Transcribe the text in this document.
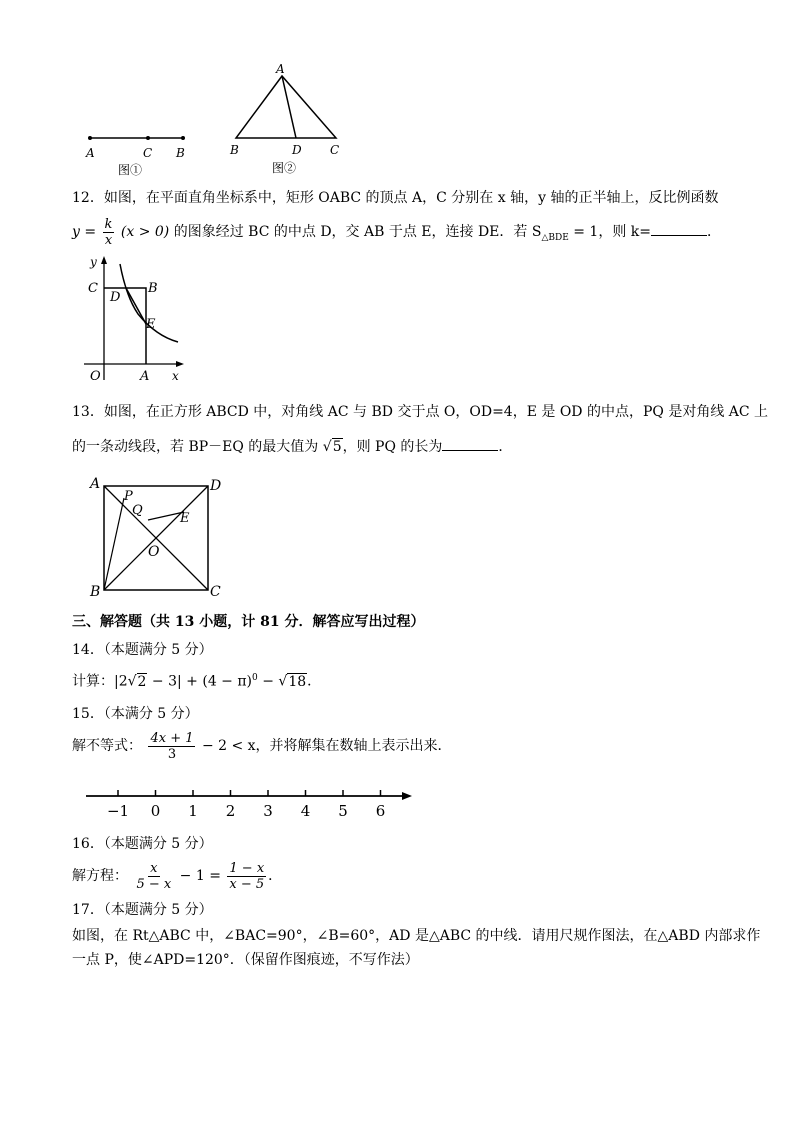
A	C B
图①
A
B	D C
图②
12．如图，在平面直角坐标系中，矩形 OABC 的顶点 A，C 分别在 x 轴，y 轴的正半轴上，反比例函数
$y = \frac{k}{x} (x > 0)$ 的图象经过 BC 的中点 D，交 AB 于点 E，连接 DE．若 $S_{\triangle BDE} = 1$，则 k=	．
y
C
D
B
E
O	A x
13．如图，在正方形 ABCD 中，对角线 AC 与 BD 交于点 O，OD=4，E 是 OD 的中点，PQ 是对角线 AC 上
的一条动线段，若 BP－EQ 的最大值为 √5，则 PQ 的长为	．
A	D
P
Q
E
O
B	C
三、解答题（共 13 小题，计 81 分．解答应写出过程）
14．（本题满分 5 分）
计算：$|2√2 - 3| + (4 - \pi)^0 - √18$．
15．（本满分 5 分）
解不等式： $\frac{4x + 1}{3} - 2 < x$，并将解集在数轴上表示出来．
−1 0 1 2 3 4 5 6
16．（本题满分 5 分）
解方程： $\frac{x}{5 - x} - 1 = \frac{1 - x}{x - 5}$ ．
17．（本题满分 5 分）
如图，在 Rt△ABC 中，∠BAC=90°，∠B=60°，AD 是△ABC 的中线．请用尺规作图法，在△ABD 内部求作
一点 P，使∠APD=120°．（保留作图痕迹，不写作法）
